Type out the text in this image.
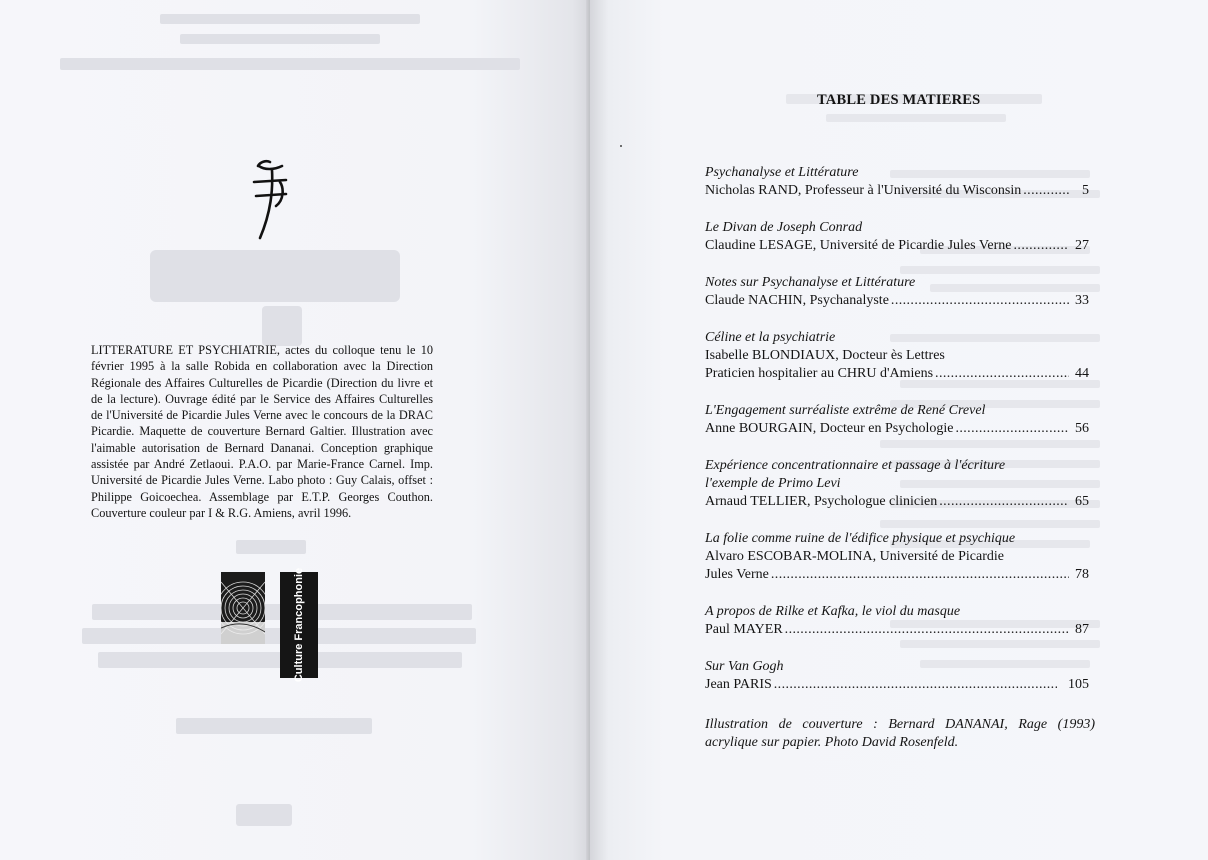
LITTERATURE ET PSYCHIATRIE, actes du colloque tenu le 10 février 1995 à la salle Robida en collaboration avec la Direction Régionale des Affaires Culturelles de Picardie (Direction du livre et de la lecture). Ouvrage édité par le Service des Affaires Culturelles de l'Université de Picardie Jules Verne avec le concours de la DRAC Picardie. Maquette de couverture Bernard Galtier. Illustration avec l'aimable autorisation de Bernard Dananai. Conception graphique assistée par André Zetlaoui. P.A.O. par Marie-France Carnel. Imp. Université de Picardie Jules Verne. Labo photo : Guy Calais, offset : Philippe Goicoechea. Assemblage par E.T.P. Georges Couthon. Couverture couleur par I & R.G. Amiens, avril 1996.
Culture Francophonie
TABLE DES MATIERES
Psychanalyse et Littérature
Nicholas RAND, Professeur à l'Université du Wisconsin .....	5
Le Divan de Joseph Conrad
Claudine LESAGE, Université de Picardie Jules Verne .....	27
Notes sur Psychanalyse et Littérature
Claude NACHIN, Psychanalyste .....	33
Céline et la psychiatrie
Isabelle BLONDIAUX, Docteur ès Lettres
Praticien hospitalier au CHRU d'Amiens .....	44
L'Engagement surréaliste extrême de René Crevel
Anne BOURGAIN, Docteur en Psychologie .....	56
Expérience concentrationnaire et passage à l'écriture
l'exemple de Primo Levi
Arnaud TELLIER, Psychologue clinicien .....	65
La folie comme ruine de l'édifice physique et psychique
Alvaro ESCOBAR-MOLINA, Université de Picardie
Jules Verne .....	78
A propos de Rilke et Kafka, le viol du masque
Paul MAYER .....	87
Sur Van Gogh
Jean PARIS .....	105
Illustration de couverture : Bernard DANANAI, Rage (1993) acrylique sur papier. Photo David Rosenfeld.
